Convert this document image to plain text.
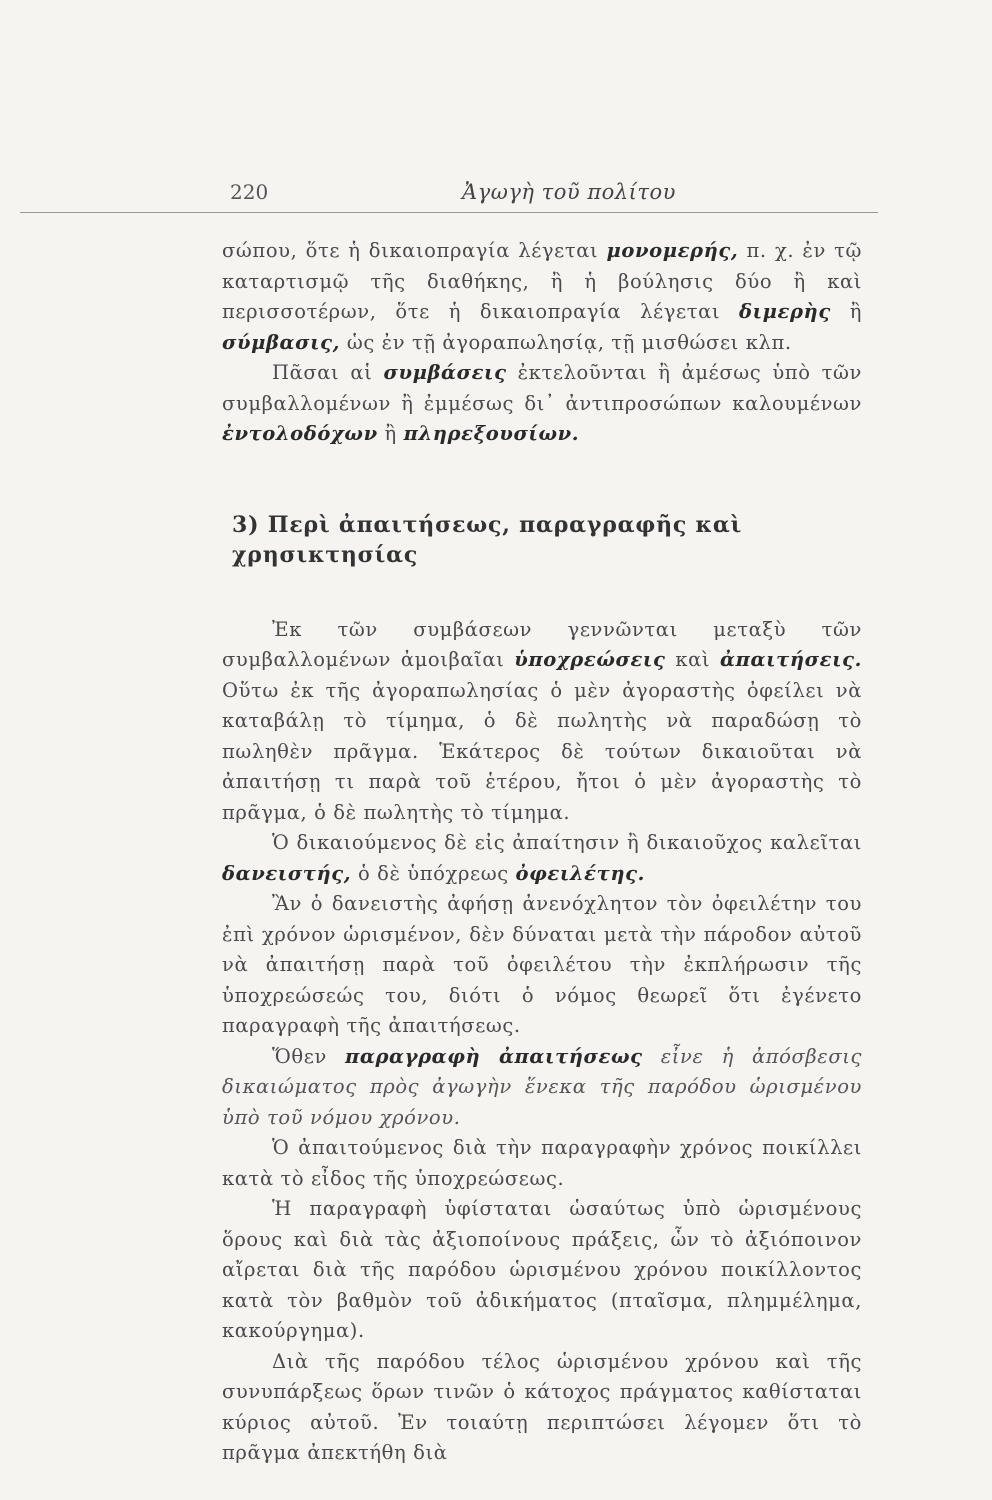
220	Ἀγωγὴ τοῦ πολίτου

σώπου, ὅτε ἡ δικαιοπραγία λέγεται μονομερής, π. χ. ἐν τῷ καταρτισμῷ τῆς διαθήκης, ἢ ἡ βούλησις δύο ἢ καὶ περισσοτέρων, ὅτε ἡ δικαιοπραγία λέγεται διμερὴς ἢ σύμβασις, ὡς ἐν τῇ ἀγοραπωλησίᾳ, τῇ μισθώσει κλπ.

Πᾶσαι αἱ συμβάσεις ἐκτελοῦνται ἢ ἀμέσως ὑπὸ τῶν συμβαλλομένων ἢ ἐμμέσως δι᾽ ἀντιπροσώπων καλουμένων ἐντολοδόχων ἢ πληρεξουσίων.

3) Περὶ ἀπαιτήσεως, παραγραφῆς καὶ χρησικτησίας

Ἐκ τῶν συμβάσεων γεννῶνται μεταξὺ τῶν συμβαλλομένων ἀμοιβαῖαι ὑποχρεώσεις καὶ ἀπαιτήσεις. Οὕτω ἐκ τῆς ἀγοραπωλησίας ὁ μὲν ἀγοραστὴς ὀφείλει νὰ καταβάλῃ τὸ τίμημα, ὁ δὲ πωλητὴς νὰ παραδώσῃ τὸ πωληθὲν πρᾶγμα. Ἑκάτερος δὲ τούτων δικαιοῦται νὰ ἀπαιτήσῃ τι παρὰ τοῦ ἑτέρου, ἤτοι ὁ μὲν ἀγοραστὴς τὸ πρᾶγμα, ὁ δὲ πωλητὴς τὸ τίμημα.

Ὁ δικαιούμενος δὲ εἰς ἀπαίτησιν ἢ δικαιοῦχος καλεῖται δανειστής, ὁ δὲ ὑπόχρεως ὀφειλέτης.

Ἂν ὁ δανειστὴς ἀφήσῃ ἀνενόχλητον τὸν ὀφειλέτην του ἐπὶ χρόνον ὡρισμένον, δὲν δύναται μετὰ τὴν πάροδον αὐτοῦ νὰ ἀπαιτήσῃ παρὰ τοῦ ὀφειλέτου τὴν ἐκπλήρωσιν τῆς ὑποχρεώσεώς του, διότι ὁ νόμος θεωρεῖ ὅτι ἐγένετο παραγραφὴ τῆς ἀπαιτήσεως.

Ὅθεν παραγραφὴ ἀπαιτήσεως εἶνε ἡ ἀπόσβεσις δικαιώματος πρὸς ἀγωγὴν ἕνεκα τῆς παρόδου ὡρισμένου ὑπὸ τοῦ νόμου χρόνου.

Ὁ ἀπαιτούμενος διὰ τὴν παραγραφὴν χρόνος ποικίλλει κατὰ τὸ εἶδος τῆς ὑποχρεώσεως.

Ἡ παραγραφὴ ὑφίσταται ὡσαύτως ὑπὸ ὡρισμένους ὅρους καὶ διὰ τὰς ἀξιοποίνους πράξεις, ὧν τὸ ἀξιόποινον αἴρεται διὰ τῆς παρόδου ὡρισμένου χρόνου ποικίλλοντος κατὰ τὸν βαθμὸν τοῦ ἀδικήματος (πταῖσμα, πλημμέλημα, κακούργημα).

Διὰ τῆς παρόδου τέλος ὡρισμένου χρόνου καὶ τῆς συνυπάρξεως ὅρων τινῶν ὁ κάτοχος πράγματος καθίσταται κύριος αὐτοῦ. Ἐν τοιαύτῃ περιπτώσει λέγομεν ὅτι τὸ πρᾶγμα ἀπεκτήθη διὰ
